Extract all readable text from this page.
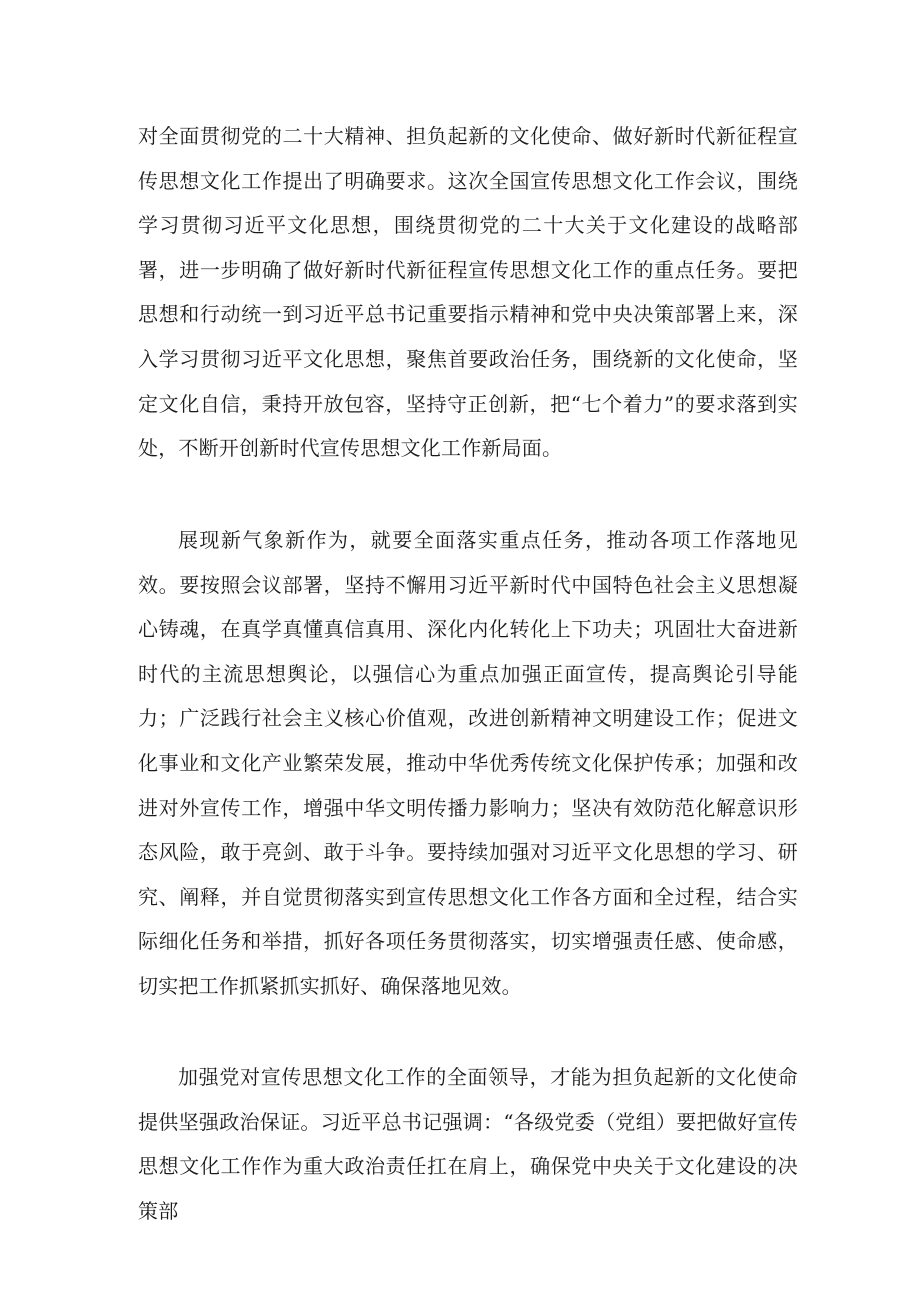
对全面贯彻党的二十大精神、担负起新的文化使命、做好新时代新征程宣传思想文化工作提出了明确要求。这次全国宣传思想文化工作会议，围绕学习贯彻习近平文化思想，围绕贯彻党的二十大关于文化建设的战略部署，进一步明确了做好新时代新征程宣传思想文化工作的重点任务。要把思想和行动统一到习近平总书记重要指示精神和党中央决策部署上来，深入学习贯彻习近平文化思想，聚焦首要政治任务，围绕新的文化使命，坚定文化自信，秉持开放包容，坚持守正创新，把“七个着力”的要求落到实处，不断开创新时代宣传思想文化工作新局面。

展现新气象新作为，就要全面落实重点任务，推动各项工作落地见效。要按照会议部署，坚持不懈用习近平新时代中国特色社会主义思想凝心铸魂，在真学真懂真信真用、深化内化转化上下功夫；巩固壮大奋进新时代的主流思想舆论，以强信心为重点加强正面宣传，提高舆论引导能力；广泛践行社会主义核心价值观，改进创新精神文明建设工作；促进文化事业和文化产业繁荣发展，推动中华优秀传统文化保护传承；加强和改进对外宣传工作，增强中华文明传播力影响力；坚决有效防范化解意识形态风险，敢于亮剑、敢于斗争。要持续加强对习近平文化思想的学习、研究、阐释，并自觉贯彻落实到宣传思想文化工作各方面和全过程，结合实际细化任务和举措，抓好各项任务贯彻落实，切实增强责任感、使命感，切实把工作抓紧抓实抓好、确保落地见效。

加强党对宣传思想文化工作的全面领导，才能为担负起新的文化使命提供坚强政治保证。习近平总书记强调：“各级党委（党组）要把做好宣传思想文化工作作为重大政治责任扛在肩上，确保党中央关于文化建设的决策部
